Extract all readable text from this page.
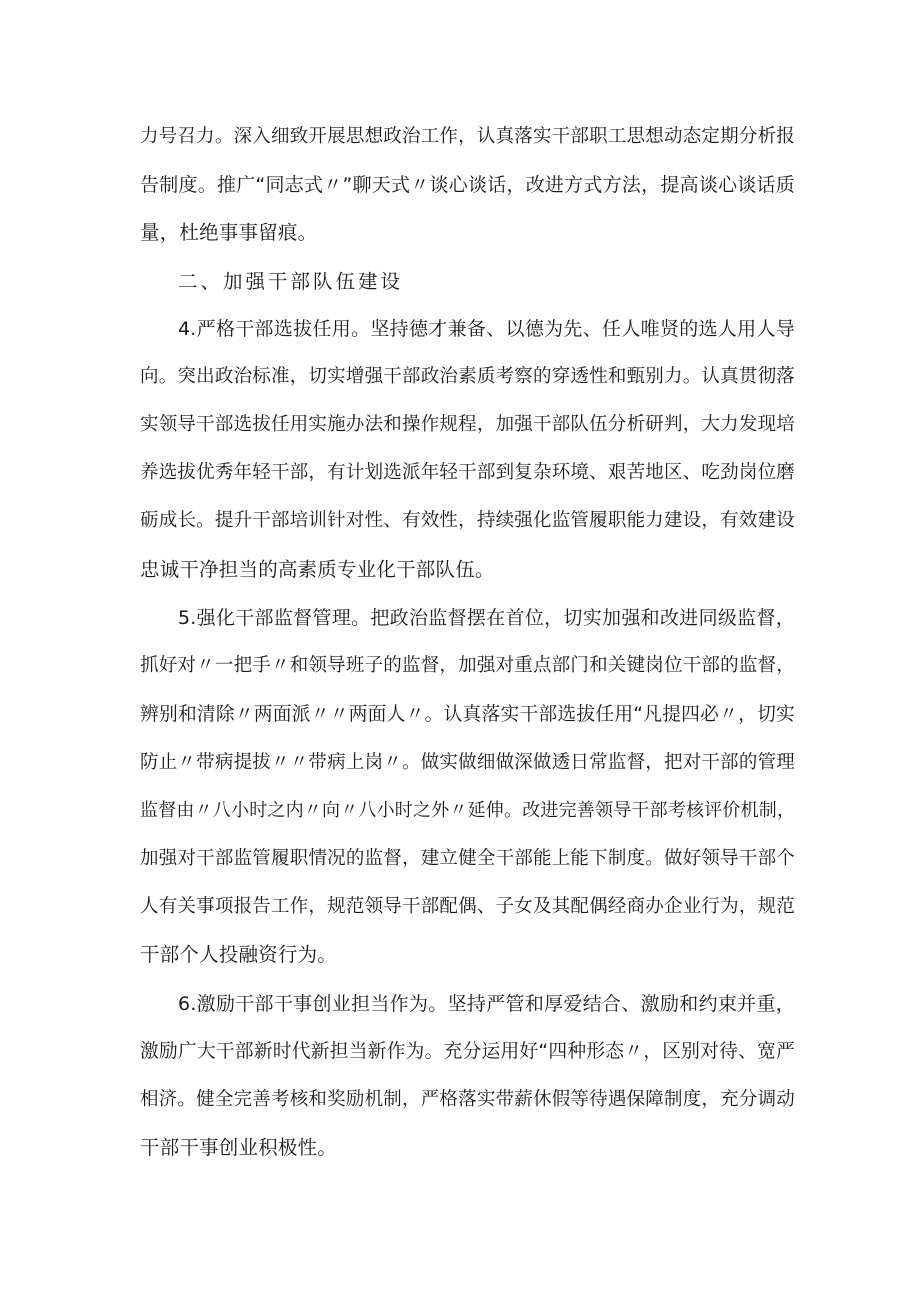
力号召力。深入细致开展思想政治工作，认真落实干部职工思想动态定期分析报
告制度。推广“同志式〃”聊天式〃谈心谈话，改进方式方法，提高谈心谈话质
量，杜绝事事留痕。
二、加强干部队伍建设
4.严格干部选拔任用。坚持德才兼备、以德为先、任人唯贤的选人用人导
向。突出政治标准，切实增强干部政治素质考察的穿透性和甄别力。认真贯彻落
实领导干部选拔任用实施办法和操作规程，加强干部队伍分析研判，大力发现培
养选拔优秀年轻干部，有计划选派年轻干部到复杂环境、艰苦地区、吃劲岗位磨
砺成长。提升干部培训针对性、有效性，持续强化监管履职能力建设，有效建设
忠诚干净担当的高素质专业化干部队伍。
5.强化干部监督管理。把政治监督摆在首位，切实加强和改进同级监督，
抓好对〃一把手〃和领导班子的监督，加强对重点部门和关键岗位干部的监督，
辨别和清除〃两面派〃〃两面人〃。认真落实干部选拔任用“凡提四必〃，切实
防止〃带病提拔〃〃带病上岗〃。做实做细做深做透日常监督，把对干部的管理
监督由〃八小时之内〃向〃八小时之外〃延伸。改进完善领导干部考核评价机制，
加强对干部监管履职情况的监督，建立健全干部能上能下制度。做好领导干部个
人有关事项报告工作，规范领导干部配偶、子女及其配偶经商办企业行为，规范
干部个人投融资行为。
6.激励干部干事创业担当作为。坚持严管和厚爱结合、激励和约束并重，
激励广大干部新时代新担当新作为。充分运用好“四种形态〃，区别对待、宽严
相济。健全完善考核和奖励机制，严格落实带薪休假等待遇保障制度，充分调动
干部干事创业积极性。
